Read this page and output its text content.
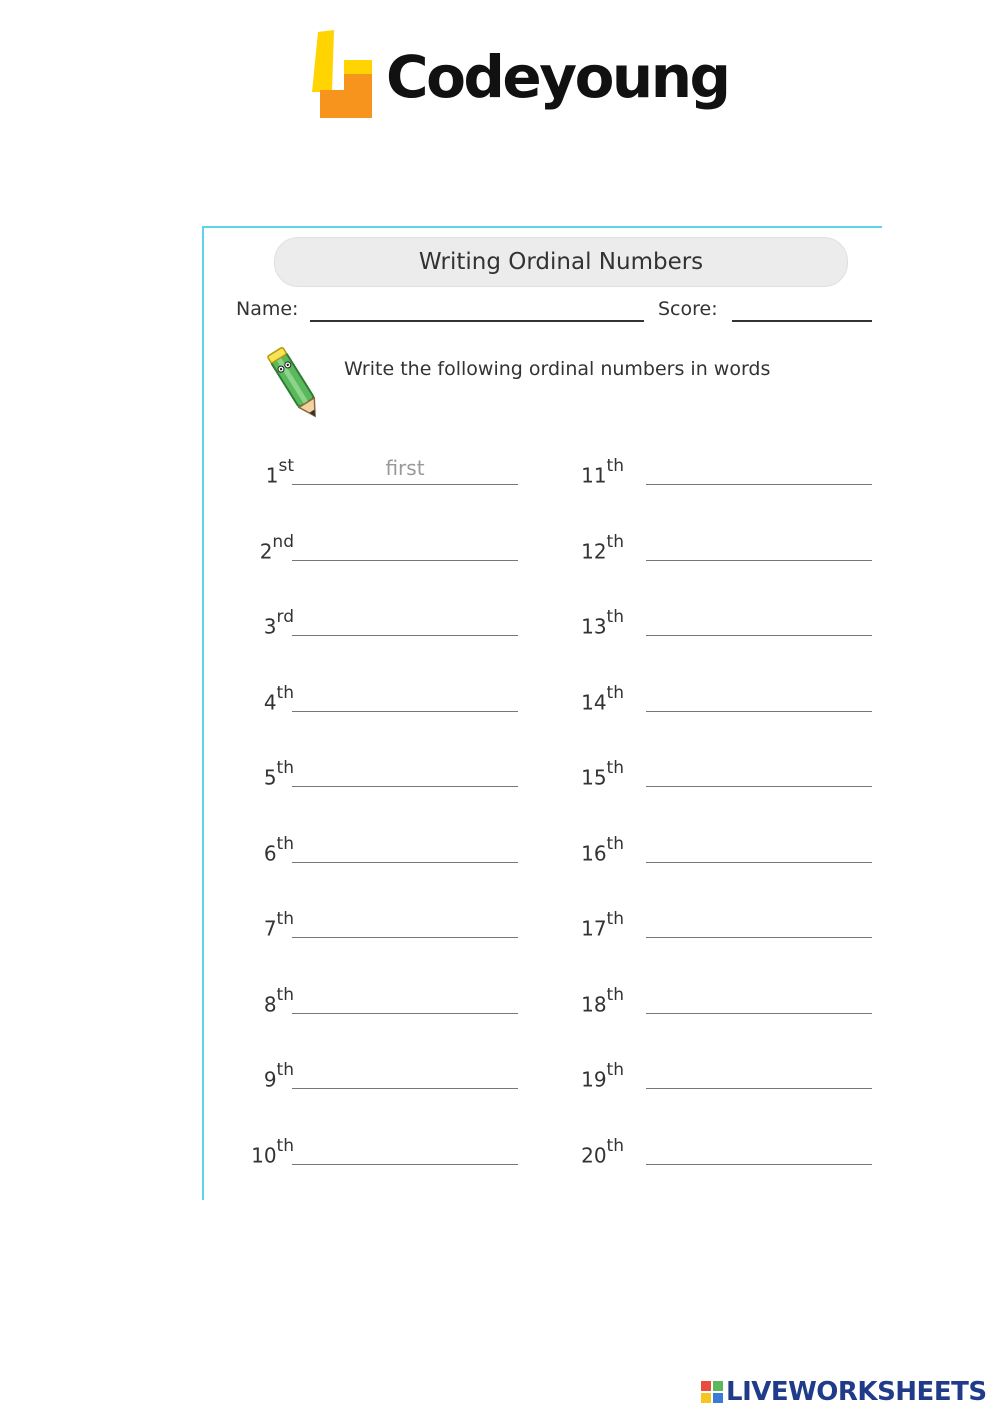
Codeyoung
Writing Ordinal Numbers
Name:	Score:
Write the following ordinal numbers in words
1st	first
2nd
3rd
4th
5th
6th
7th
8th
9th
10th
11th
12th
13th
14th
15th
16th
17th
18th
19th
20th
LIVEWORKSHEETS
